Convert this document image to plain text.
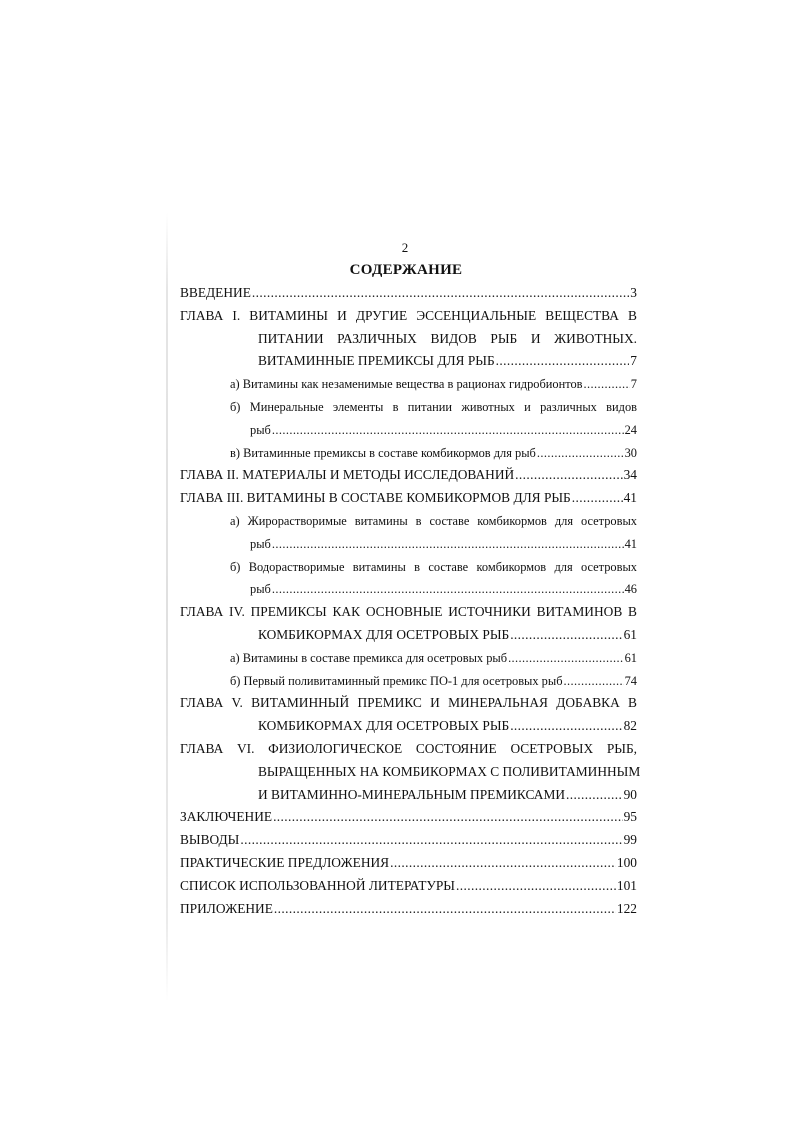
2
СОДЕРЖАНИЕ
ВВЕДЕНИЕ .....	3
ГЛАВА I. ВИТАМИНЫ И ДРУГИЕ ЭССЕНЦИАЛЬНЫЕ ВЕЩЕСТВА В
ПИТАНИИ РАЗЛИЧНЫХ ВИДОВ РЫБ И ЖИВОТНЫХ.
ВИТАМИННЫЕ ПРЕМИКСЫ ДЛЯ РЫБ .....	7
а) Витамины как незаменимые вещества в рационах гидробионтов .....	7
б) Минеральные элементы в питании животных и различных видов
рыб .....	24
в) Витаминные премиксы в составе комбикормов для рыб .....	30
ГЛАВА II. МАТЕРИАЛЫ И МЕТОДЫ ИССЛЕДОВАНИЙ .....	34
ГЛАВА III. ВИТАМИНЫ В СОСТАВЕ КОМБИКОРМОВ ДЛЯ РЫБ .....	41
а) Жирорастворимые витамины в составе комбикормов для осетровых
рыб .....	41
б) Водорастворимые витамины в составе комбикормов для осетровых
рыб .....	46
ГЛАВА IV. ПРЕМИКСЫ КАК ОСНОВНЫЕ ИСТОЧНИКИ ВИТАМИНОВ В
КОМБИКОРМАХ ДЛЯ ОСЕТРОВЫХ РЫБ .....	61
а) Витамины в составе премикса для осетровых рыб .....	61
б) Первый поливитаминный премикс ПО-1 для осетровых рыб .....	74
ГЛАВА V. ВИТАМИННЫЙ ПРЕМИКС И МИНЕРАЛЬНАЯ ДОБАВКА В
КОМБИКОРМАХ ДЛЯ ОСЕТРОВЫХ РЫБ .....	82
ГЛАВА VI. ФИЗИОЛОГИЧЕСКОЕ СОСТОЯНИЕ ОСЕТРОВЫХ РЫБ,
ВЫРАЩЕННЫХ НА КОМБИКОРМАХ С ПОЛИВИТАМИННЫМ
И ВИТАМИННО-МИНЕРАЛЬНЫМ ПРЕМИКСАМИ .....	90
ЗАКЛЮЧЕНИЕ .....	95
ВЫВОДЫ .....	99
ПРАКТИЧЕСКИЕ ПРЕДЛОЖЕНИЯ .....	100
СПИСОК ИСПОЛЬЗОВАННОЙ ЛИТЕРАТУРЫ .....	101
ПРИЛОЖЕНИЕ .....	122
